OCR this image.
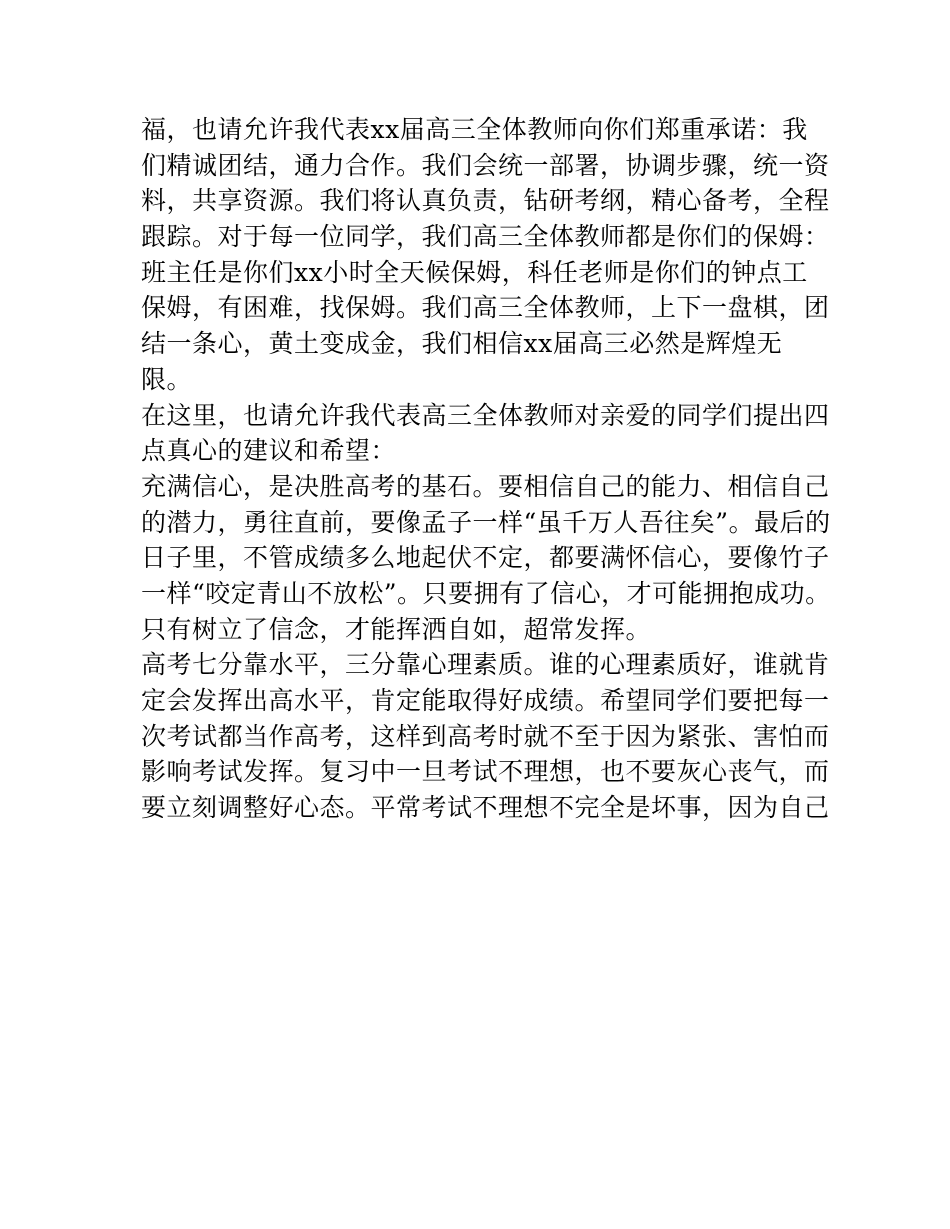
福，也请允许我代表xx届高三全体教师向你们郑重承诺：我
们精诚团结，通力合作。我们会统一部署，协调步骤，统一资
料，共享资源。我们将认真负责，钻研考纲，精心备考，全程
跟踪。对于每一位同学，我们高三全体教师都是你们的保姆：
班主任是你们xx小时全天候保姆，科任老师是你们的钟点工
保姆，有困难，找保姆。我们高三全体教师，上下一盘棋，团
结一条心，黄土变成金，我们相信xx届高三必然是辉煌无
限。
在这里，也请允许我代表高三全体教师对亲爱的同学们提出四
点真心的建议和希望：
充满信心，是决胜高考的基石。要相信自己的能力、相信自己
的潜力，勇往直前，要像孟子一样“虽千万人吾往矣”。最后的
日子里，不管成绩多么地起伏不定，都要满怀信心，要像竹子
一样“咬定青山不放松”。只要拥有了信心，才可能拥抱成功。
只有树立了信念，才能挥洒自如，超常发挥。
高考七分靠水平，三分靠心理素质。谁的心理素质好，谁就肯
定会发挥出高水平，肯定能取得好成绩。希望同学们要把每一
次考试都当作高考，这样到高考时就不至于因为紧张、害怕而
影响考试发挥。复习中一旦考试不理想，也不要灰心丧气，而
要立刻调整好心态。平常考试不理想不完全是坏事，因为自己
